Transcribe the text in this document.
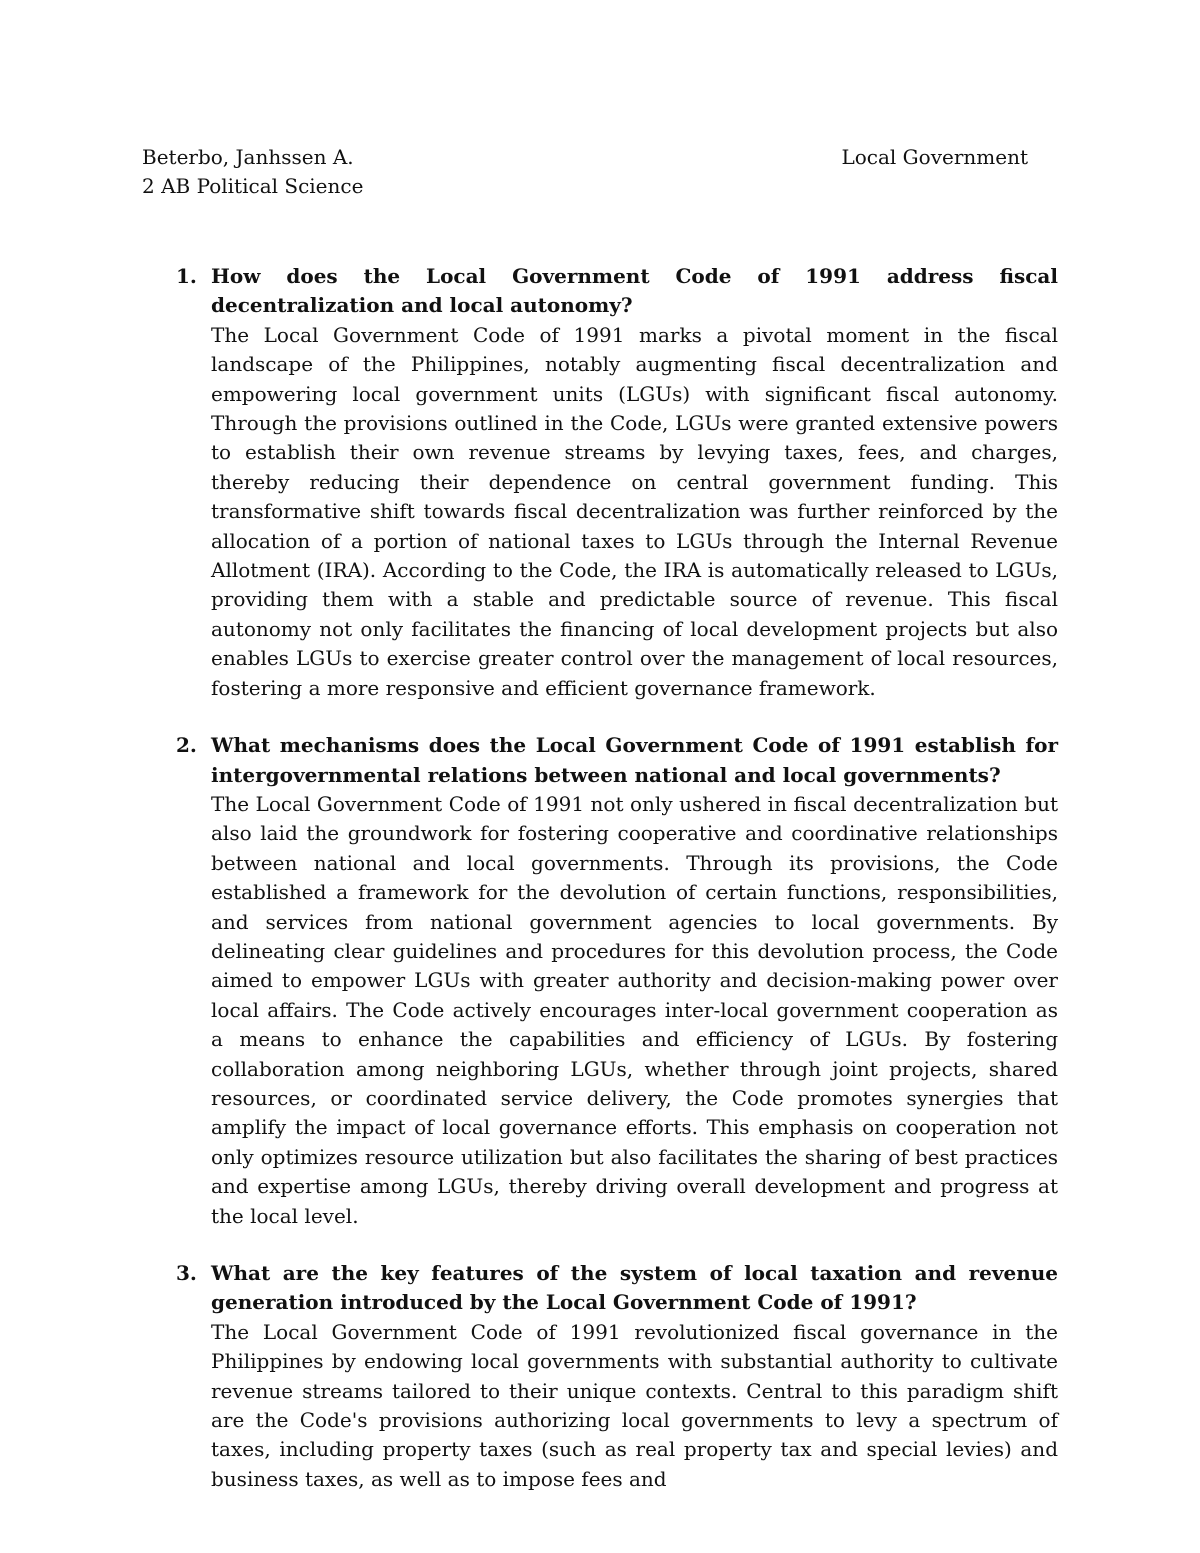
Beterbo, Janhssen A.	Local Government
2 AB Political Science
1. How does the Local Government Code of 1991 address fiscal decentralization and local autonomy?

The Local Government Code of 1991 marks a pivotal moment in the fiscal landscape of the Philippines, notably augmenting fiscal decentralization and empowering local government units (LGUs) with significant fiscal autonomy. Through the provisions outlined in the Code, LGUs were granted extensive powers to establish their own revenue streams by levying taxes, fees, and charges, thereby reducing their dependence on central government funding. This transformative shift towards fiscal decentralization was further reinforced by the allocation of a portion of national taxes to LGUs through the Internal Revenue Allotment (IRA). According to the Code, the IRA is automatically released to LGUs, providing them with a stable and predictable source of revenue. This fiscal autonomy not only facilitates the financing of local development projects but also enables LGUs to exercise greater control over the management of local resources, fostering a more responsive and efficient governance framework.

2. What mechanisms does the Local Government Code of 1991 establish for intergovernmental relations between national and local governments?

The Local Government Code of 1991 not only ushered in fiscal decentralization but also laid the groundwork for fostering cooperative and coordinative relationships between national and local governments. Through its provisions, the Code established a framework for the devolution of certain functions, responsibilities, and services from national government agencies to local governments. By delineating clear guidelines and procedures for this devolution process, the Code aimed to empower LGUs with greater authority and decision-making power over local affairs. The Code actively encourages inter-local government cooperation as a means to enhance the capabilities and efficiency of LGUs. By fostering collaboration among neighboring LGUs, whether through joint projects, shared resources, or coordinated service delivery, the Code promotes synergies that amplify the impact of local governance efforts. This emphasis on cooperation not only optimizes resource utilization but also facilitates the sharing of best practices and expertise among LGUs, thereby driving overall development and progress at the local level.

3. What are the key features of the system of local taxation and revenue generation introduced by the Local Government Code of 1991?

The Local Government Code of 1991 revolutionized fiscal governance in the Philippines by endowing local governments with substantial authority to cultivate revenue streams tailored to their unique contexts. Central to this paradigm shift are the Code's provisions authorizing local governments to levy a spectrum of taxes, including property taxes (such as real property tax and special levies) and business taxes, as well as to impose fees and
